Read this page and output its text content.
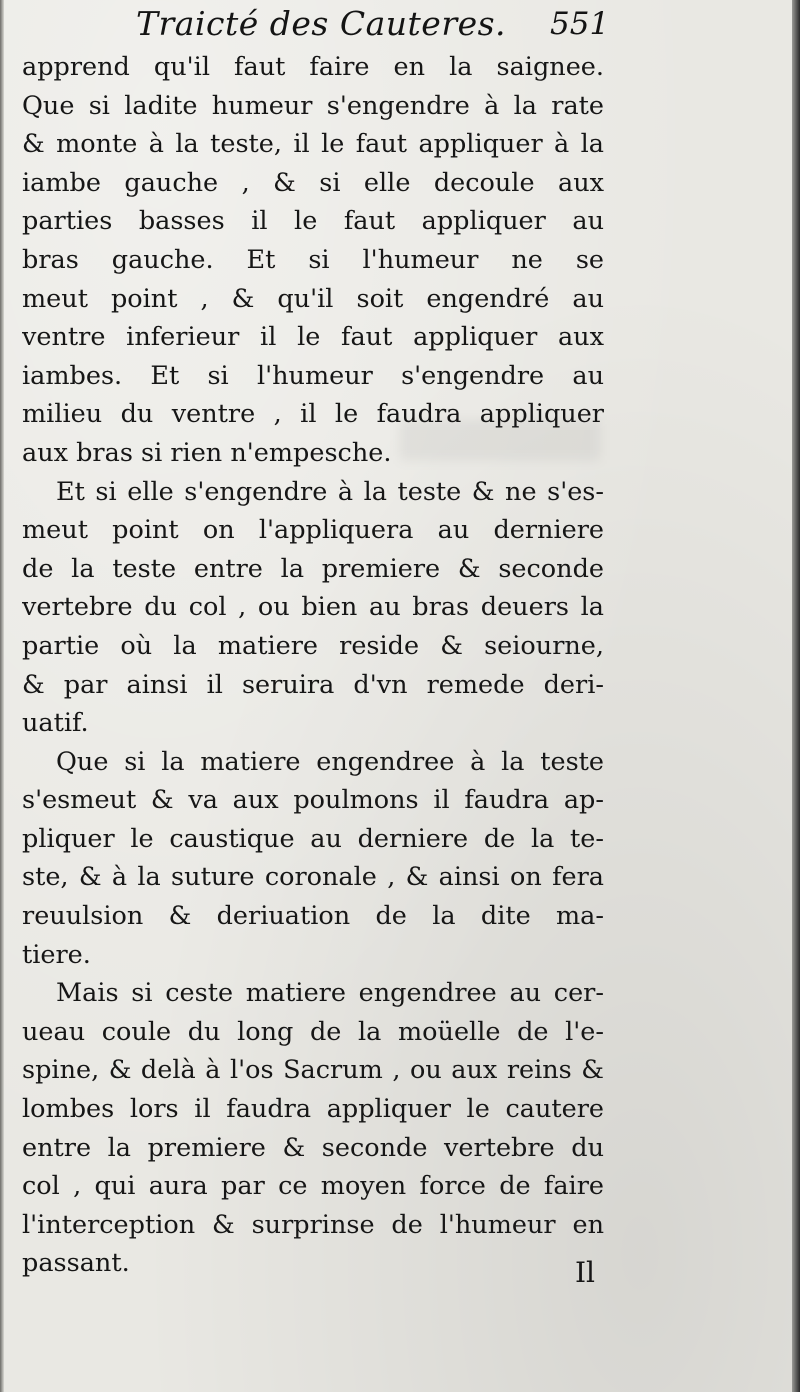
Traicté des Cauteres. 551
apprend qu'il faut faire en la saignee.
Que si ladite humeur s'engendre à la rate
& monte à la teste, il le faut appliquer à la
iambe gauche , & si elle decoule aux
parties basses il le faut appliquer au
bras gauche. Et si l'humeur ne se
meut point , & qu'il soit engendré au
ventre inferieur il le faut appliquer aux
iambes. Et si l'humeur s'engendre au
milieu du ventre , il le faudra appliquer
aux bras si rien n'empesche.
Et si elle s'engendre à la teste & ne s'es-
meut point on l'appliquera au derniere
de la teste entre la premiere & seconde
vertebre du col , ou bien au bras deuers la
partie où la matiere reside & seiourne,
& par ainsi il seruira d'vn remede deri-
uatif.
Que si la matiere engendree à la teste
s'esmeut & va aux poulmons il faudra ap-
pliquer le caustique au derniere de la te-
ste, & à la suture coronale , & ainsi on fera
reuulsion & deriuation de la dite ma-
tiere.
Mais si ceste matiere engendree au cer-
ueau coule du long de la moüelle de l'e-
spine, & delà à l'os Sacrum , ou aux reins &
lombes lors il faudra appliquer le cautere
entre la premiere & seconde vertebre du
col , qui aura par ce moyen force de faire
l'interception & surprinse de l'humeur en
passant.	Il
